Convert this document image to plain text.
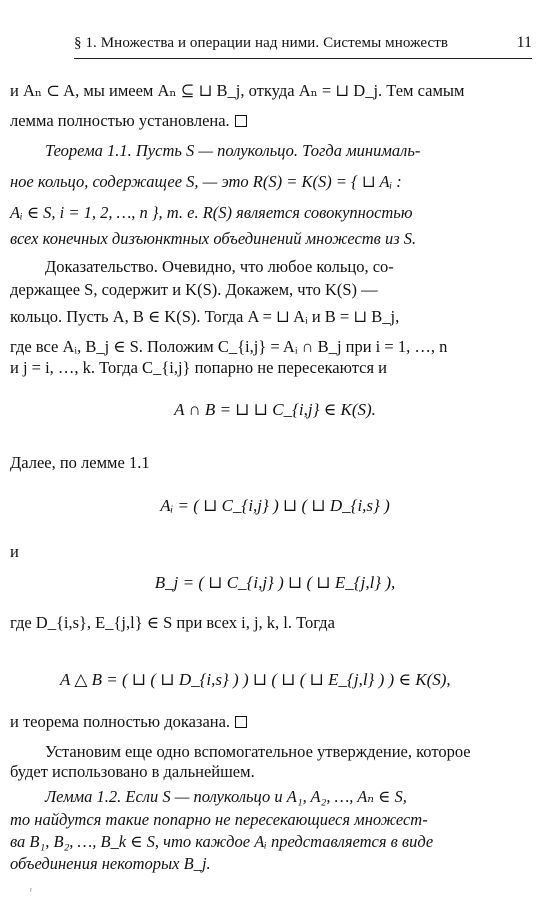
§ 1. Множества и операции над ними. Системы множеств	11
и Aₙ ⊂ A, мы имеем Aₙ ⊆ ⊔ B_j, откуда Aₙ = ⊔ D_j. Тем самым
лемма полностью установлена.
Теорема 1.1. Пусть S — полукольцо. Тогда минималь-
ное кольцо, содержащее S, — это R(S) = K(S) = { ⊔ Aᵢ :
Aᵢ ∈ S, i = 1, 2, …, n }, т. е. R(S) является совокупностью
всех конечных дизъюнктных объединений множеств из S.
Доказательство. Очевидно, что любое кольцо, со-
держащее S, содержит и K(S). Докажем, что K(S) —
кольцо. Пусть A, B ∈ K(S). Тогда A = ⊔ Aᵢ и B = ⊔ B_j,
где все Aᵢ, B_j ∈ S. Положим C_{i,j} = Aᵢ ∩ B_j при i = 1, …, n
и j = i, …, k. Тогда C_{i,j} попарно не пересекаются и
A ∩ B = ⊔ ⊔ C_{i,j} ∈ K(S).
Далее, по лемме 1.1
Aᵢ = ( ⊔ C_{i,j} ) ⊔ ( ⊔ D_{i,s} )
и
B_j = ( ⊔ C_{i,j} ) ⊔ ( ⊔ E_{j,l} ),
где D_{i,s}, E_{j,l} ∈ S при всех i, j, k, l. Тогда
A △ B = ( ⊔ ( ⊔ D_{i,s} ) ) ⊔ ( ⊔ ( ⊔ E_{j,l} ) ) ∈ K(S),
и теорема полностью доказана.
Установим еще одно вспомогательное утверждение, которое
будет использовано в дальнейшем.
Лемма 1.2. Если S — полукольцо и A₁, A₂, …, Aₙ ∈ S,
то найдутся такие попарно не пересекающиеся множест-
ва B₁, B₂, …, B_k ∈ S, что каждое Aᵢ представляется в виде
объединения некоторых B_j.
ʳ
